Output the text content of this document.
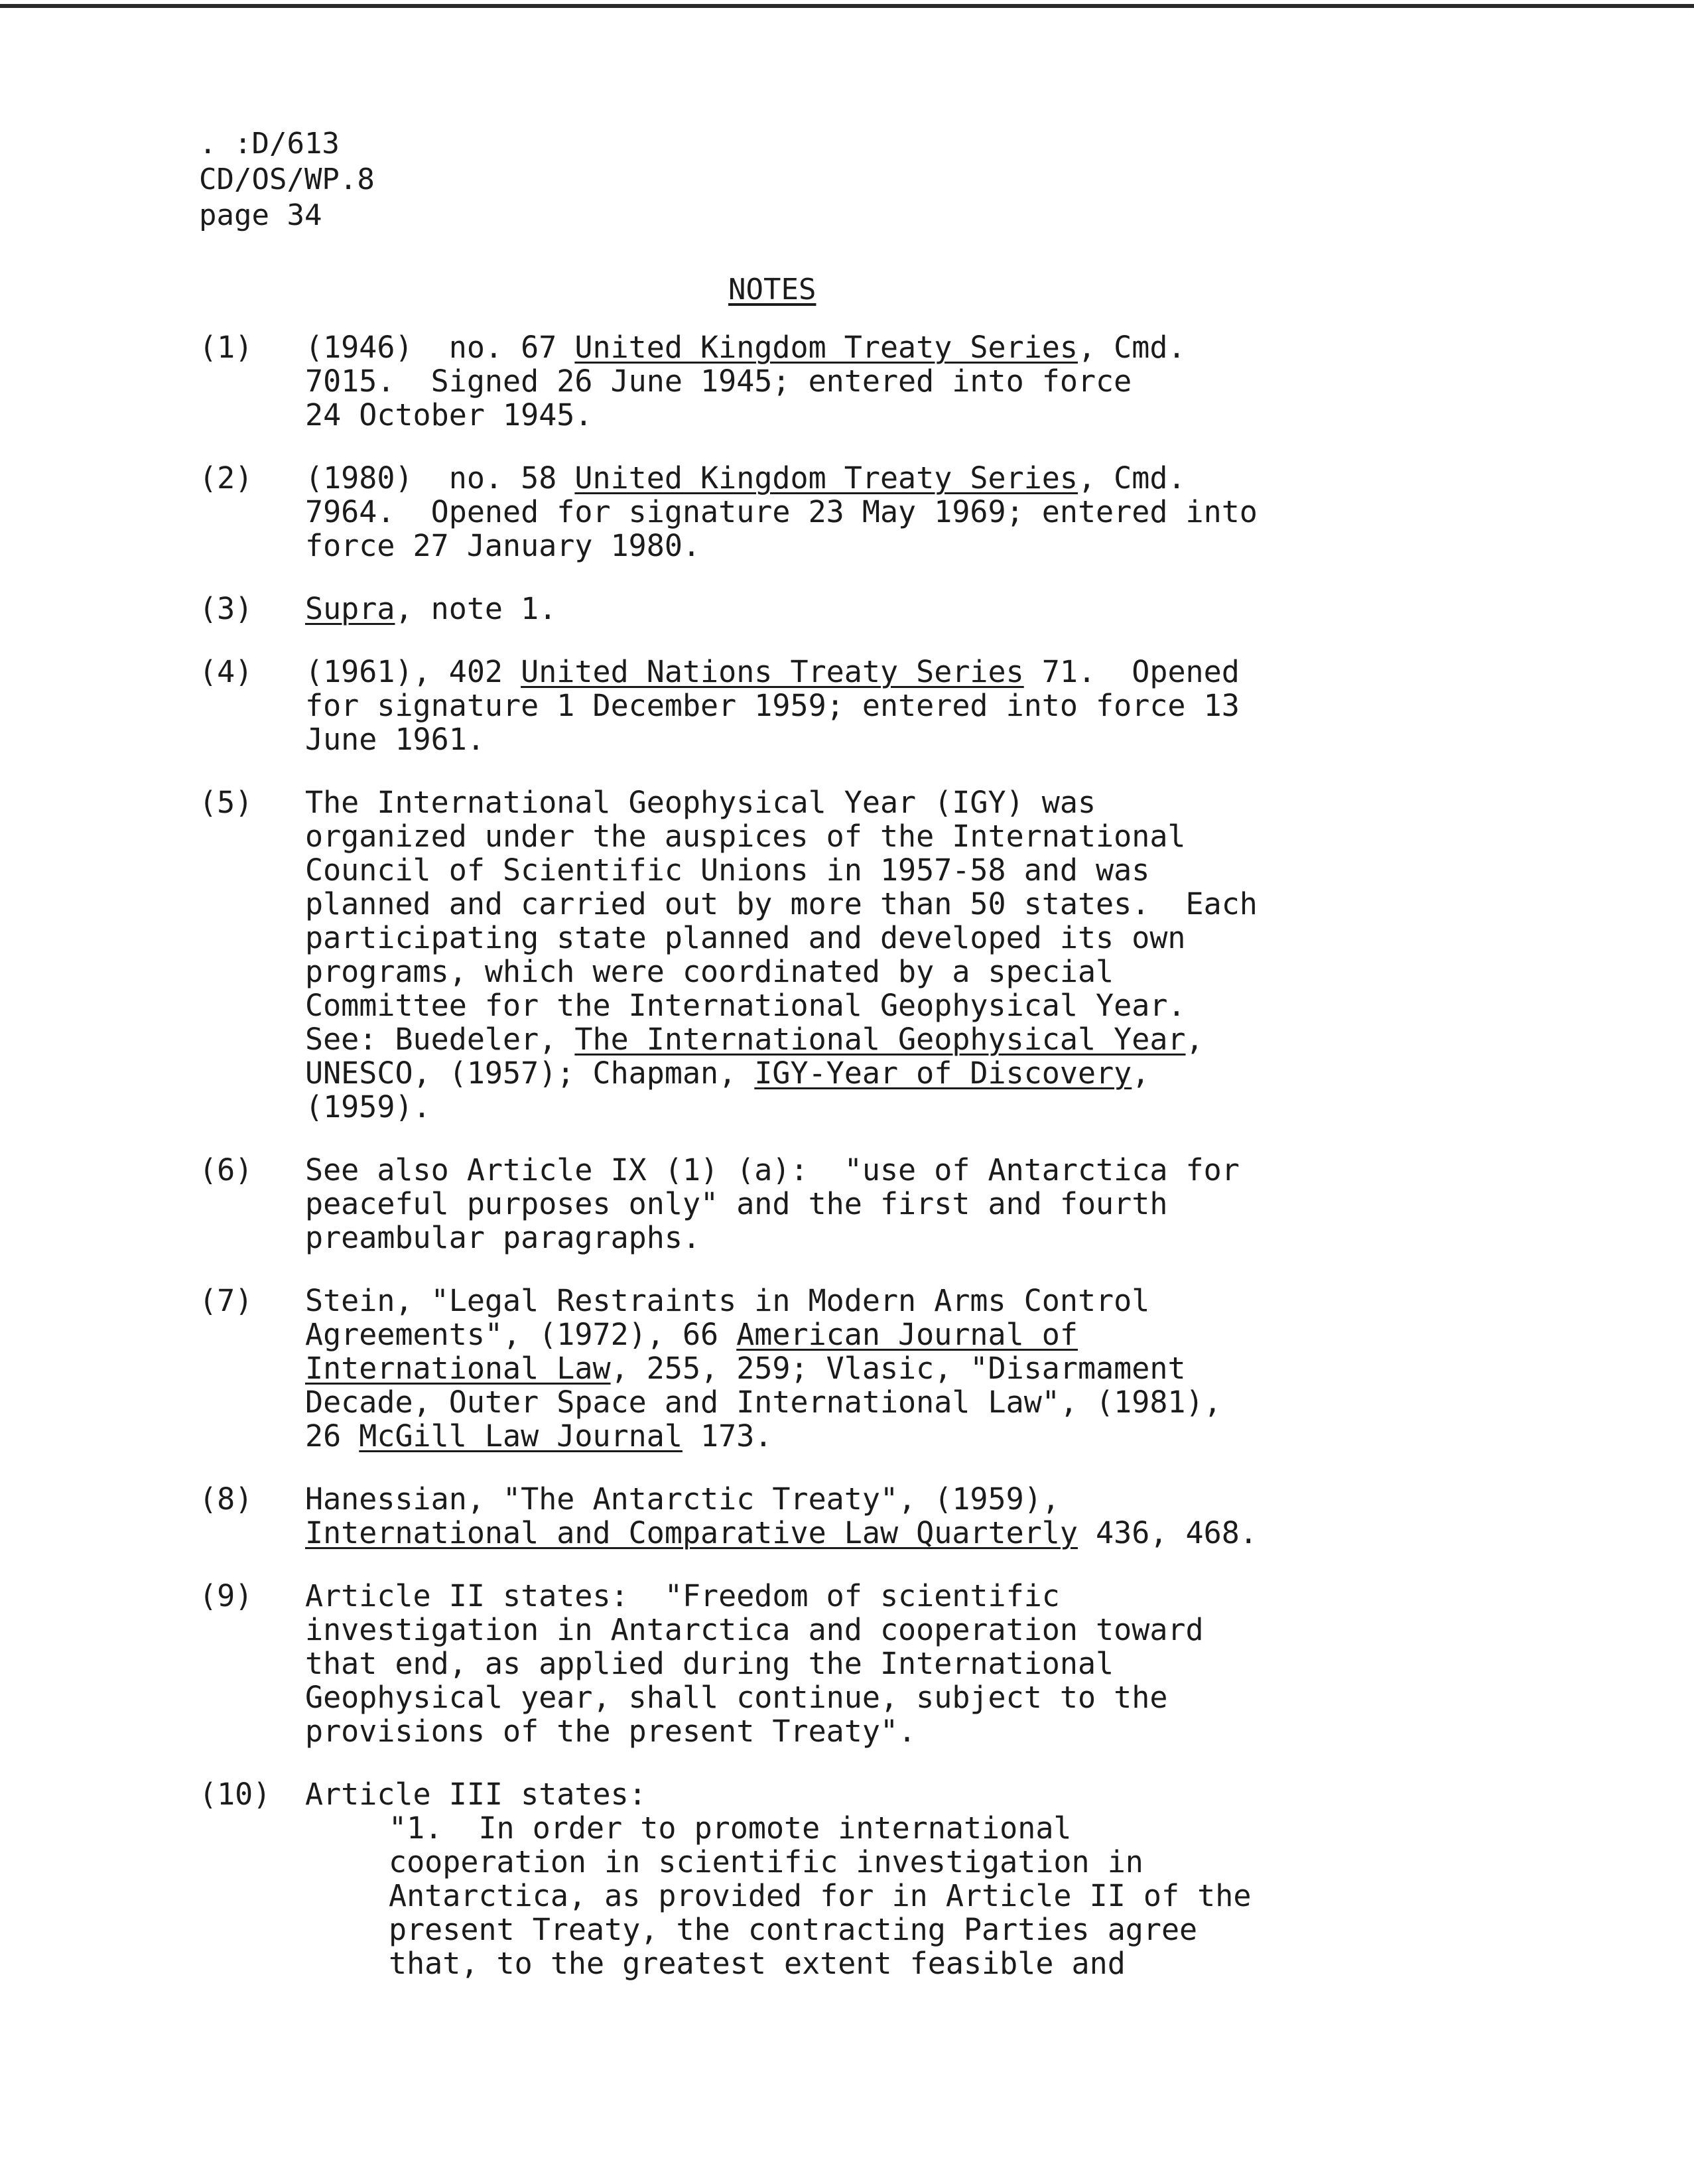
. :D/613
CD/OS/WP.8
page 34
NOTES
(1) (1946)  no. 67 United Kingdom Treaty Series, Cmd.
7015.  Signed 26 June 1945; entered into force
24 October 1945.
(2) (1980)  no. 58 United Kingdom Treaty Series, Cmd.
7964.  Opened for signature 23 May 1969; entered into
force 27 January 1980.
(3) Supra, note 1.
(4) (1961), 402 United Nations Treaty Series 71.  Opened
for signature 1 December 1959; entered into force 13
June 1961.
(5) The International Geophysical Year (IGY) was
organized under the auspices of the International
Council of Scientific Unions in 1957-58 and was
planned and carried out by more than 50 states.  Each
participating state planned and developed its own
programs, which were coordinated by a special
Committee for the International Geophysical Year.
See: Buedeler, The International Geophysical Year,
UNESCO, (1957); Chapman, IGY-Year of Discovery,
(1959).
(6) See also Article IX (1) (a):  "use of Antarctica for
peaceful purposes only" and the first and fourth
preambular paragraphs.
(7) Stein, "Legal Restraints in Modern Arms Control
Agreements", (1972), 66 American Journal of
International Law, 255, 259; Vlasic, "Disarmament
Decade, Outer Space and International Law", (1981),
26 McGill Law Journal 173.
(8) Hanessian, "The Antarctic Treaty", (1959),
International and Comparative Law Quarterly 436, 468.
(9) Article II states:  "Freedom of scientific
investigation in Antarctica and cooperation toward
that end, as applied during the International
Geophysical year, shall continue, subject to the
provisions of the present Treaty".
(10) Article III states:
"1.  In order to promote international
cooperation in scientific investigation in
Antarctica, as provided for in Article II of the
present Treaty, the contracting Parties agree
that, to the greatest extent feasible and
